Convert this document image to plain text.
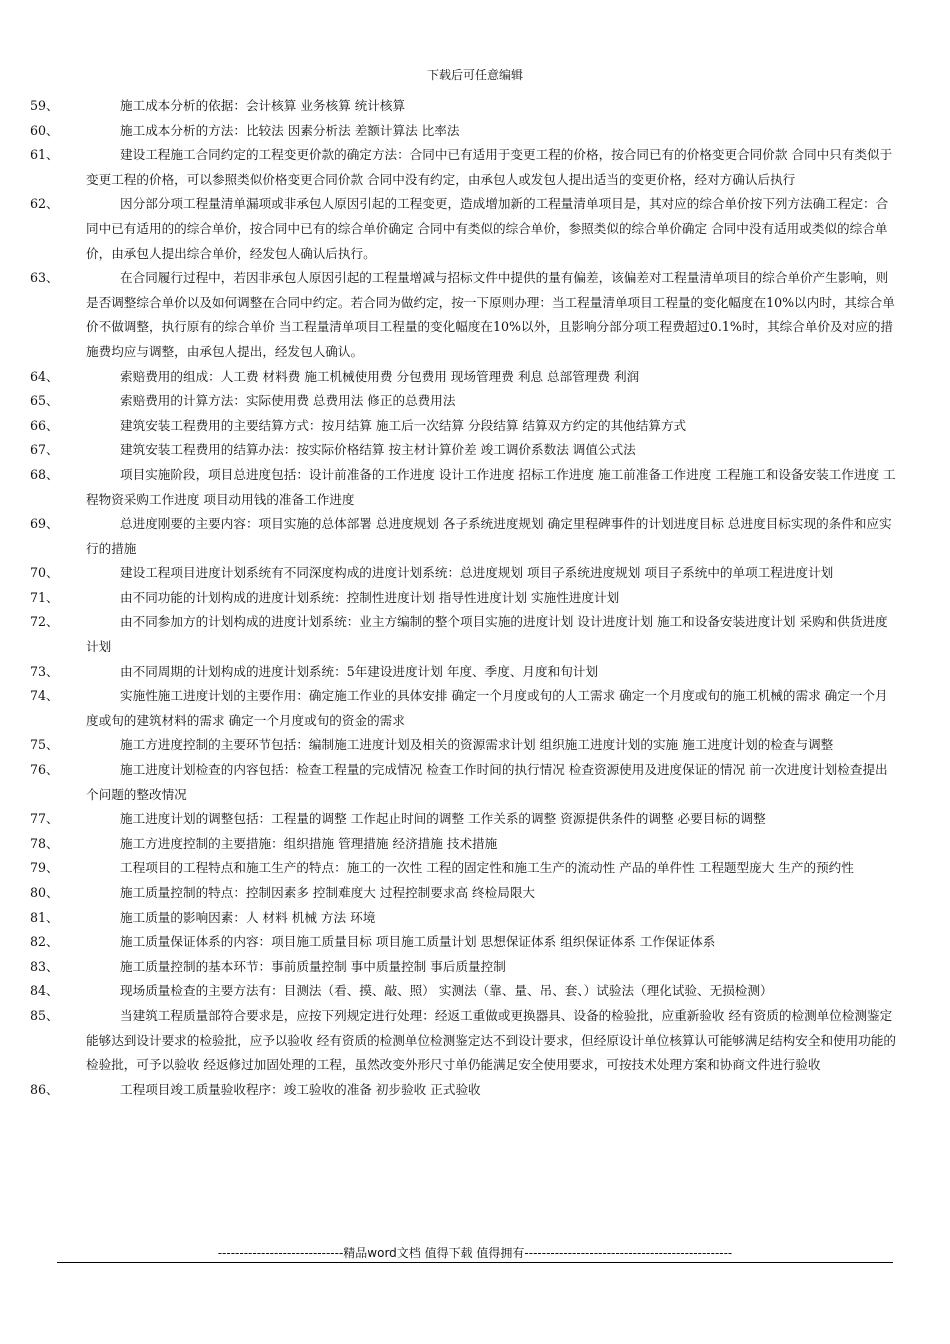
下载后可任意编辑
59、	施工成本分析的依据：会计核算 业务核算 统计核算
60、	施工成本分析的方法：比较法 因素分析法 差额计算法 比率法
61、	建设工程施工合同约定的工程变更价款的确定方法：合同中已有适用于变更工程的价格，按合同已有的价格变更合同价款 合同中只有类似于变更工程的价格，可以参照类似价格变更合同价款 合同中没有约定，由承包人或发包人提出适当的变更价格，经对方确认后执行
62、	因分部分项工程量清单漏项或非承包人原因引起的工程变更，造成增加新的工程量清单项目是，其对应的综合单价按下列方法确工程定：合同中已有适用的的综合单价，按合同中已有的综合单价确定 合同中有类似的综合单价，参照类似的综合单价确定 合同中没有适用或类似的综合单价，由承包人提出综合单价，经发包人确认后执行。
63、	在合同履行过程中，若因非承包人原因引起的工程量增减与招标文件中提供的量有偏差，该偏差对工程量清单项目的综合单价产生影响，则是否调整综合单价以及如何调整在合同中约定。若合同为做约定，按一下原则办理：当工程量清单项目工程量的变化幅度在10%以内时，其综合单价不做调整，执行原有的综合单价 当工程量清单项目工程量的变化幅度在10%以外，且影响分部分项工程费超过0.1%时，其综合单价及对应的措施费均应与调整，由承包人提出，经发包人确认。
64、	索赔费用的组成：人工费 材料费 施工机械使用费 分包费用 现场管理费 利息 总部管理费 利润
65、	索赔费用的计算方法：实际使用费 总费用法 修正的总费用法
66、	建筑安装工程费用的主要结算方式：按月结算 施工后一次结算 分段结算 结算双方约定的其他结算方式
67、	建筑安装工程费用的结算办法：按实际价格结算 按主材计算价差 竣工调价系数法 调值公式法
68、	项目实施阶段，项目总进度包括：设计前准备的工作进度 设计工作进度 招标工作进度 施工前准备工作进度 工程施工和设备安装工作进度 工程物资采购工作进度 项目动用钱的准备工作进度
69、	总进度刚要的主要内容：项目实施的总体部署 总进度规划 各子系统进度规划 确定里程碑事件的计划进度目标 总进度目标实现的条件和应实行的措施
70、	建设工程项目进度计划系统有不同深度构成的进度计划系统：总进度规划 项目子系统进度规划 项目子系统中的单项工程进度计划
71、	由不同功能的计划构成的进度计划系统：控制性进度计划 指导性进度计划 实施性进度计划
72、	由不同参加方的计划构成的进度计划系统：业主方编制的整个项目实施的进度计划 设计进度计划 施工和设备安装进度计划 采购和供货进度计划
73、	由不同周期的计划构成的进度计划系统：5年建设进度计划 年度、季度、月度和旬计划
74、	实施性施工进度计划的主要作用：确定施工作业的具体安排 确定一个月度或旬的人工需求 确定一个月度或旬的施工机械的需求 确定一个月度或旬的建筑材料的需求 确定一个月度或旬的资金的需求
75、	施工方进度控制的主要环节包括：编制施工进度计划及相关的资源需求计划 组织施工进度计划的实施 施工进度计划的检查与调整
76、	施工进度计划检查的内容包括：检查工程量的完成情况 检查工作时间的执行情况 检查资源使用及进度保证的情况 前一次进度计划检查提出个问题的整改情况
77、	施工进度计划的调整包括：工程量的调整 工作起止时间的调整 工作关系的调整 资源提供条件的调整 必要目标的调整
78、	施工方进度控制的主要措施：组织措施 管理措施 经济措施 技术措施
79、	工程项目的工程特点和施工生产的特点：施工的一次性 工程的固定性和施工生产的流动性 产品的单件性 工程题型庞大 生产的预约性
80、	施工质量控制的特点：控制因素多 控制难度大 过程控制要求高 终检局限大
81、	施工质量的影响因素：人 材料 机械 方法 环境
82、	施工质量保证体系的内容：项目施工质量目标 项目施工质量计划 思想保证体系 组织保证体系 工作保证体系
83、	施工质量控制的基本环节：事前质量控制 事中质量控制 事后质量控制
84、	现场质量检查的主要方法有：目测法（看、摸、敲、照） 实测法（靠、量、吊、套、）试验法（理化试验、无损检测）
85、	当建筑工程质量部符合要求是，应按下列规定进行处理：经返工重做或更换器具、设备的检验批，应重新验收 经有资质的检测单位检测鉴定能够达到设计要求的检验批，应予以验收 经有资质的检测单位检测鉴定达不到设计要求，但经原设计单位核算认可能够满足结构安全和使用功能的检验批，可予以验收 经返修过加固处理的工程，虽然改变外形尺寸单仍能满足安全使用要求，可按技术处理方案和协商文件进行验收
86、	工程项目竣工质量验收程序：竣工验收的准备 初步验收 正式验收
-----------------------------精品word文档 值得下载 值得拥有------------------------------------------------
